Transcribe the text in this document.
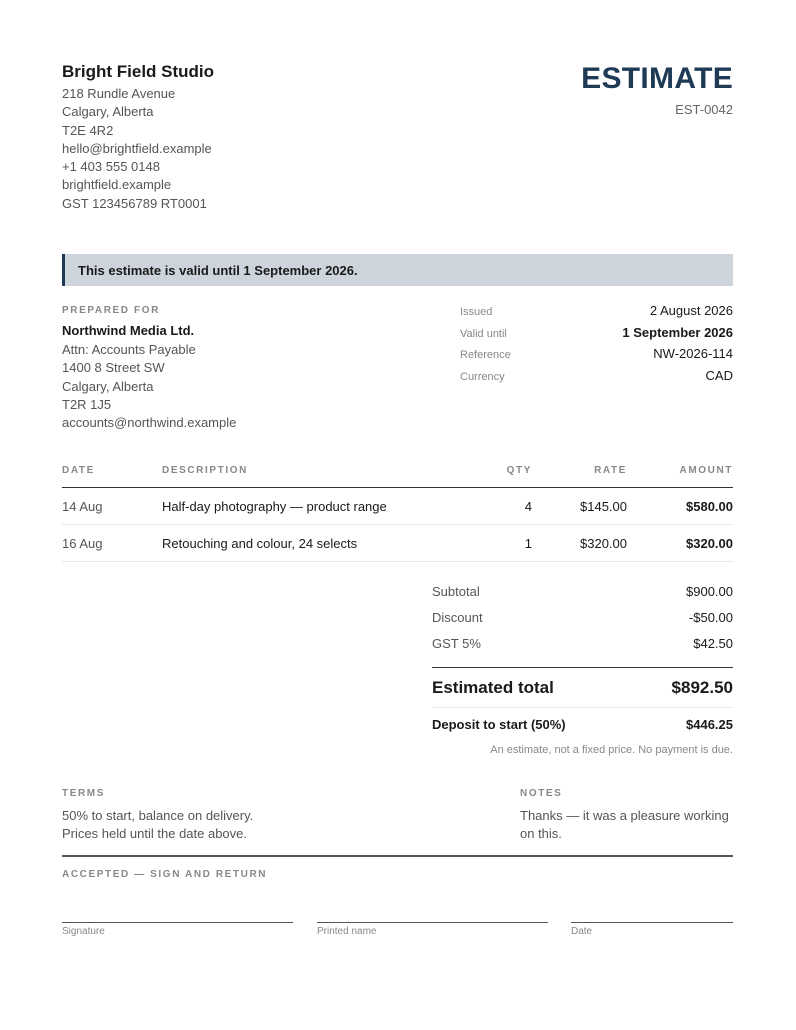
Bright Field Studio
218 Rundle Avenue
Calgary, Alberta
T2E 4R2
hello@brightfield.example
+1 403 555 0148
brightfield.example
GST 123456789 RT0001
ESTIMATE
EST-0042
This estimate is valid until 1 September 2026.
PREPARED FOR
Northwind Media Ltd.
Attn: Accounts Payable
1400 8 Street SW
Calgary, Alberta
T2R 1J5
accounts@northwind.example
Issued	2 August 2026
Valid until	1 September 2026
Reference	NW-2026-114
Currency	CAD
DATE	DESCRIPTION	QTY	RATE	AMOUNT
14 Aug	Half-day photography — product range	4	$145.00	$580.00
16 Aug	Retouching and colour, 24 selects	1	$320.00	$320.00
Subtotal	$900.00
Discount	-$50.00
GST 5%	$42.50
Estimated total	$892.50
Deposit to start (50%)	$446.25
An estimate, not a fixed price. No payment is due.
TERMS
50% to start, balance on delivery.
Prices held until the date above.
NOTES
Thanks — it was a pleasure working on this.
ACCEPTED — SIGN AND RETURN
Signature	Printed name	Date
